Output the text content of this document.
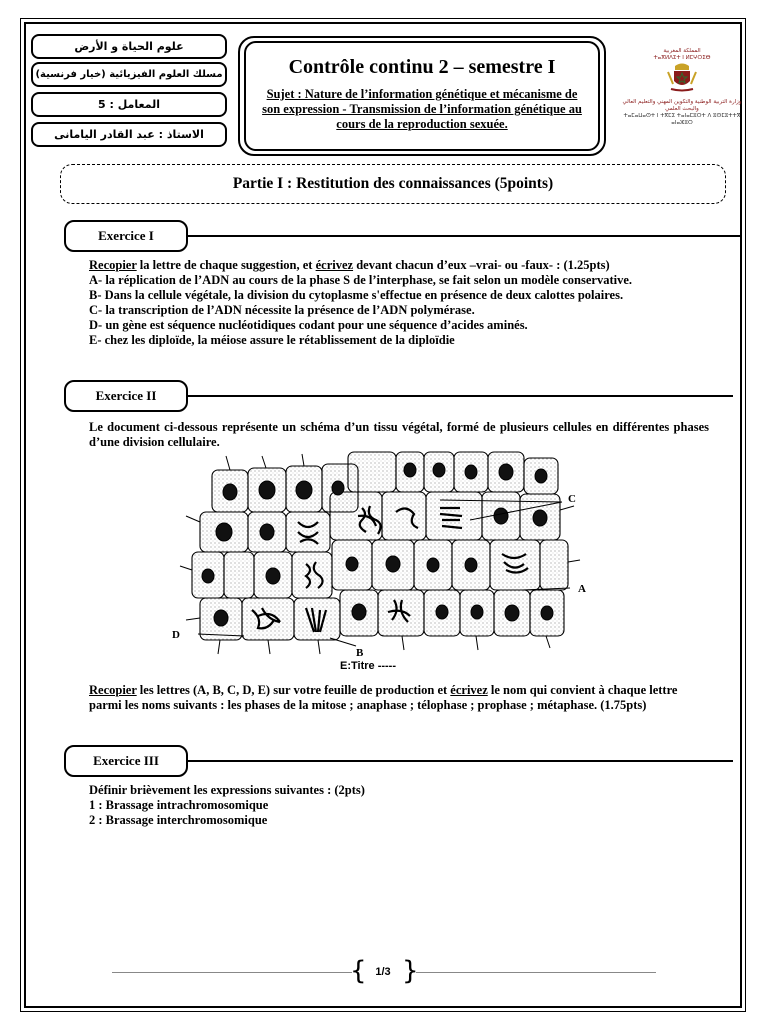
علوم الحياة و الأرض
مسلك العلوم الفيزيائية (خيار فرنسية)
المعامل : 5
الاستاذ : عبد القادر اليامانى
Contrôle continu 2 – semestre I
Sujet : Nature de l’information génétique et mécanisme de son expression - Transmission de l’information génétique au cours de la reproduction sexuée.
المملكة المغربية
ⵜⴰⴳⵍⴷⵉⵜ ⵏ ⵍⵎⵖⵔⵉⴱ
وزارة التربية الوطنية والتكوين المهني والتعليم العالي والبحث العلمي
ⵜⴰⵎⴰⵡⴰⵙⵜ ⵏ ⵜⴳⵎⵉ ⵜⴰⵏⴰⵎⵓⵔⵜ ⴷ ⵓⵙⵎⵓⵜⵜⴳ ⴰⵏⴰⵣⵓⵔ
Partie I : Restitution des connaissances (5points)
Exercice I
Recopier la lettre de chaque suggestion, et écrivez devant chacun d’eux –vrai- ou -faux- : (1.25pts)
A- la réplication de l’ADN au cours de la phase S de l’interphase, se fait selon un modèle conservative.
B- Dans la cellule végétale, la division du cytoplasme s'effectue en présence de deux calottes polaires.
C- la transcription de l’ADN nécessite la présence de l’ADN polymérase.
D- un gène est séquence nucléotidiques codant pour une séquence d’acides aminés.
E- chez les diploïde, la méiose assure le rétablissement de la diploïdie
Exercice II
Le document ci-dessous représente un schéma d’un tissu végétal, formé de plusieurs cellules en différentes phases d’une division cellulaire.
C
A
D
B
E:Titre -----
Recopier les lettres (A, B, C, D, E) sur votre feuille de production et écrivez le nom qui convient à chaque lettre parmi les noms suivants : les phases de la mitose ; anaphase ; télophase ; prophase ; métaphase. (1.75pts)
Exercice III
Définir brièvement les expressions suivantes : (2pts)
1 : Brassage intrachromosomique
2 : Brassage interchromosomique
{ }
1/3
